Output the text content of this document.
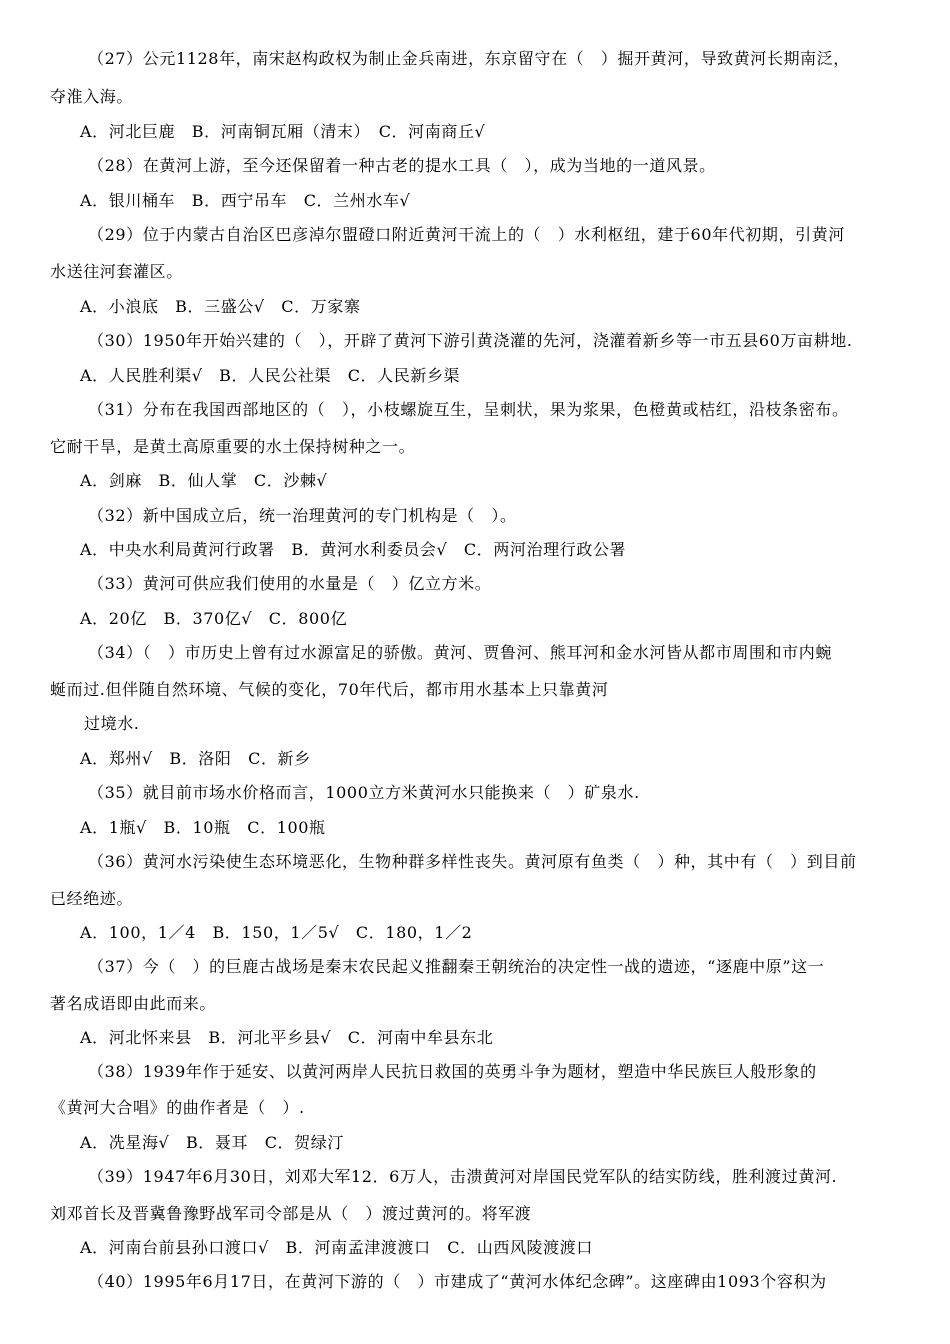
（27）公元1128年，南宋赵构政权为制止金兵南进，东京留守在（　）掘开黄河，导致黄河长期南泛，
夺淮入海。
A．河北巨鹿　B．河南铜瓦厢（清末）　C．河南商丘√
（28）在黄河上游，至今还保留着一种古老的提水工具（　），成为当地的一道风景。
A．银川桶车　B．西宁吊车　C．兰州水车√
（29）位于内蒙古自治区巴彦淖尔盟磴口附近黄河干流上的（　）水利枢纽，建于60年代初期，引黄河
水送往河套灌区。
A．小浪底　B．三盛公√　C．万家寨
（30）1950年开始兴建的（　），开辟了黄河下游引黄浇灌的先河，浇灌着新乡等一市五县60万亩耕地.
A．人民胜利渠√　B．人民公社渠　C．人民新乡渠
（31）分布在我国西部地区的（　），小枝螺旋互生，呈刺状，果为浆果，色橙黄或桔红，沿枝条密布。
它耐干旱，是黄土高原重要的水土保持树种之一。
A．剑麻　B．仙人掌　C．沙棘√
（32）新中国成立后，统一治理黄河的专门机构是（　）。
A．中央水利局黄河行政署　B．黄河水利委员会√　C．两河治理行政公署
（33）黄河可供应我们使用的水量是（　）亿立方米。
A．20亿　B．370亿√　C．800亿
（34）（　）市历史上曾有过水源富足的骄傲。黄河、贾鲁河、熊耳河和金水河皆从都市周围和市内蜿
蜒而过.但伴随自然环境、气候的变化，70年代后，都市用水基本上只靠黄河
过境水.
A．郑州√　B．洛阳　C．新乡
（35）就目前市场水价格而言，1000立方米黄河水只能换来（　）矿泉水.
A．1瓶√　B．10瓶　C．100瓶
（36）黄河水污染使生态环境恶化，生物种群多样性丧失。黄河原有鱼类（　）种，其中有（　）到目前
已经绝迹。
A．100，1／4　B．150，1／5√　C．180，1／2
（37）今（　）的巨鹿古战场是秦末农民起义推翻秦王朝统治的决定性一战的遗迹，“逐鹿中原”这一
著名成语即由此而来。
A．河北怀来县　B．河北平乡县√　C．河南中牟县东北
（38）1939年作于延安、以黄河两岸人民抗日救国的英勇斗争为题材，塑造中华民族巨人般形象的
《黄河大合唱》的曲作者是（　）.
A．冼星海√　B．聂耳　C．贺绿汀
（39）1947年6月30日，刘邓大军12．6万人，击溃黄河对岸国民党军队的结实防线，胜利渡过黄河.
刘邓首长及晋冀鲁豫野战军司令部是从（　）渡过黄河的。将军渡
A．河南台前县孙口渡口√　B．河南孟津渡渡口　C．山西风陵渡渡口
（40）1995年6月17日，在黄河下游的（　）市建成了“黄河水体纪念碑”。这座碑由1093个容积为
